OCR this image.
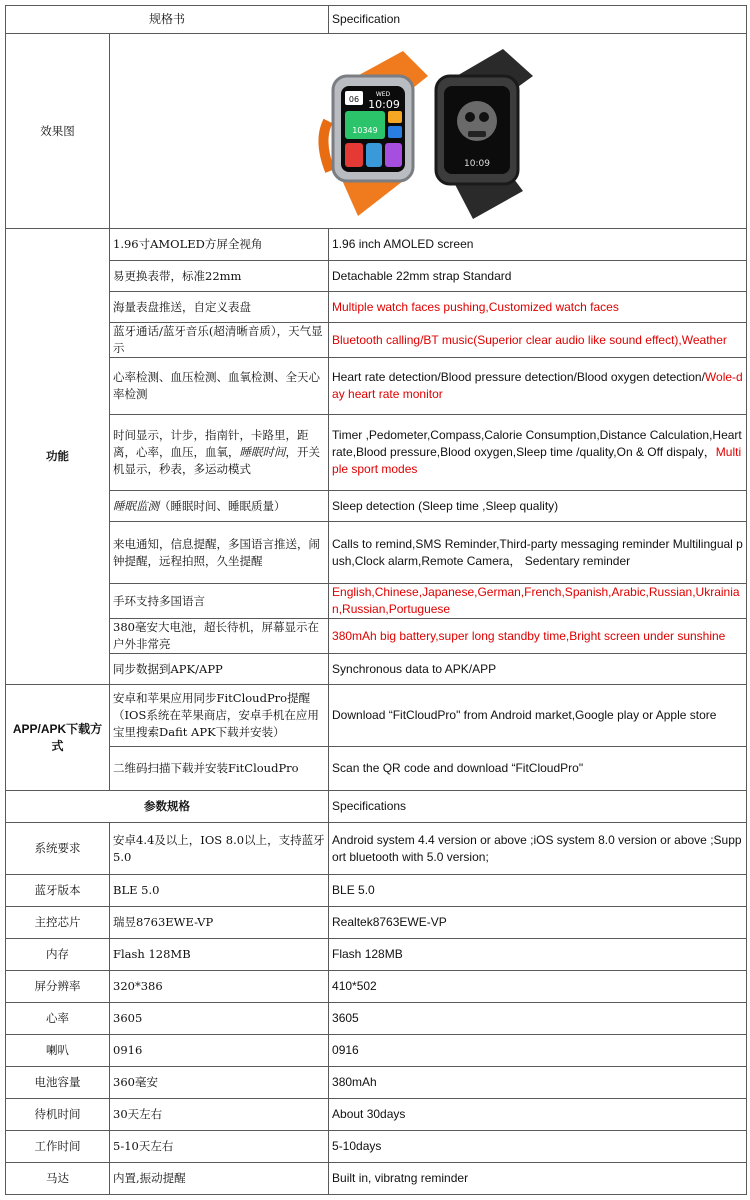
规格书		Specification
效果图	06
WED
10:09
10349
10:09	

功能	1.96寸AMOLED方屏全视角	1.96 inch AMOLED screen
	易更换表带，标准22mm	Detachable 22mm strap Standard
	海量表盘推送，自定义表盘	Multiple watch faces pushing,Customized watch faces
	蓝牙通话/蓝牙音乐(超清晰音质），天气显示	Bluetooth calling/BT music(Superior clear audio like sound effect),Weather
	心率检测、血压检测、血氧检测、全天心率检测	Heart rate detection/Blood pressure detection/Blood oxygen detection/Wole-day heart rate monitor
	时间显示，计步，指南针，卡路里，距离，心率，血压，血氧，睡眠时间，开关机显示，秒表，多运动模式	Timer ,Pedometer,Compass,Calorie Consumption,Distance Calculation,Heart rate,Blood pressure,Blood oxygen,Sleep time /quality,On & Off dispaly，Multiple sport modes
	睡眠监测（睡眠时间、睡眠质量）	Sleep detection (Sleep time ,Sleep quality)
	来电通知，信息提醒，多国语言推送，闹钟提醒，远程拍照，久坐提醒	Calls to remind,SMS Reminder,Third-party messaging reminder Multilingual push,Clock alarm,Remote Camera， Sedentary reminder
	手环支持多国语言	English,Chinese,Japanese,German,French,Spanish,Arabic,Russian,Ukrainian,Russian,Portuguese
	380毫安大电池，超长待机，屏幕显示在户外非常亮	380mAh big battery,super long standby time,Bright screen under sunshine
	同步数据到APK/APP	Synchronous data to APK/APP
APP/APK下载方式	安卓和苹果应用同步FitCloudPro提醒（IOS系统在苹果商店，安卓手机在应用宝里搜索Dafit APK下载并安装）	Download “FitCloudPro" from Android market,Google play or Apple store
	二维码扫描下载并安装FitCloudPro	Scan the QR code and download “FitCloudPro"
参数规格		Specifications
系统要求	安卓4.4及以上，IOS 8.0以上，支持蓝牙5.0	Android system 4.4 version or above ;iOS system 8.0 version or above ;Support bluetooth with 5.0 version;
蓝牙版本	BLE 5.0	BLE 5.0
主控芯片	瑞昱8763EWE-VP	Realtek8763EWE-VP
内存	Flash 128MB	Flash 128MB
屏分辨率	320*386	410*502
心率	3605	3605
喇叭	0916	0916
电池容量	360毫安	380mAh
待机时间	30天左右	About 30days
工作时间	5-10天左右	5-10days
马达	内置,振动提醒	Built in, vibratng reminder
